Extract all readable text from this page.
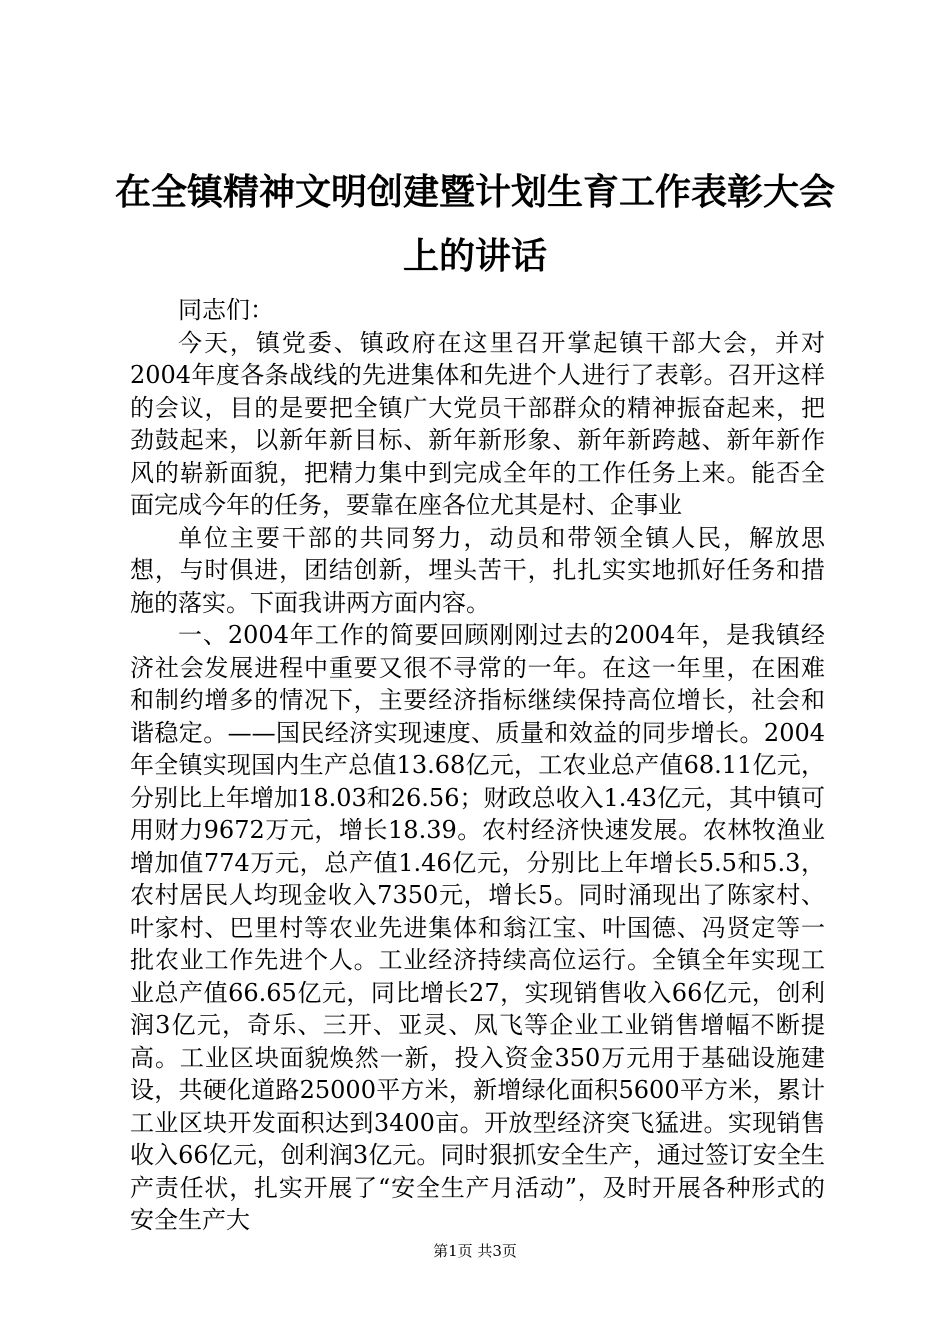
在全镇精神文明创建暨计划生育工作表彰大会上的讲话

同志们：

今天，镇党委、镇政府在这里召开掌起镇干部大会，并对2004年度各条战线的先进集体和先进个人进行了表彰。召开这样的会议，目的是要把全镇广大党员干部群众的精神振奋起来，把劲鼓起来，以新年新目标、新年新形象、新年新跨越、新年新作风的崭新面貌，把精力集中到完成全年的工作任务上来。能否全面完成今年的任务，要靠在座各位尤其是村、企事业

单位主要干部的共同努力，动员和带领全镇人民，解放思想，与时俱进，团结创新，埋头苦干，扎扎实实地抓好任务和措施的落实。下面我讲两方面内容。

一、2004年工作的简要回顾刚刚过去的2004年，是我镇经济社会发展进程中重要又很不寻常的一年。在这一年里，在困难和制约增多的情况下，主要经济指标继续保持高位增长，社会和谐稳定。——国民经济实现速度、质量和效益的同步增长。2004年全镇实现国内生产总值13.68亿元，工农业总产值68.11亿元，分别比上年增加18.03和26.56；财政总收入1.43亿元，其中镇可用财力9672万元，增长18.39。农村经济快速发展。农林牧渔业增加值774万元，总产值1.46亿元，分别比上年增长5.5和5.3，农村居民人均现金收入7350元，增长5。同时涌现出了陈家村、叶家村、巴里村等农业先进集体和翁江宝、叶国德、冯贤定等一批农业工作先进个人。工业经济持续高位运行。全镇全年实现工业总产值66.65亿元，同比增长27，实现销售收入66亿元，创利润3亿元，奇乐、三开、亚灵、凤飞等企业工业销售增幅不断提高。工业区块面貌焕然一新，投入资金350万元用于基础设施建设，共硬化道路25000平方米，新增绿化面积5600平方米，累计工业区块开发面积达到3400亩。开放型经济突飞猛进。实现销售收入66亿元，创利润3亿元。同时狠抓安全生产，通过签订安全生产责任状，扎实开展了“安全生产月活动”，及时开展各种形式的安全生产大

第1页 共3页
